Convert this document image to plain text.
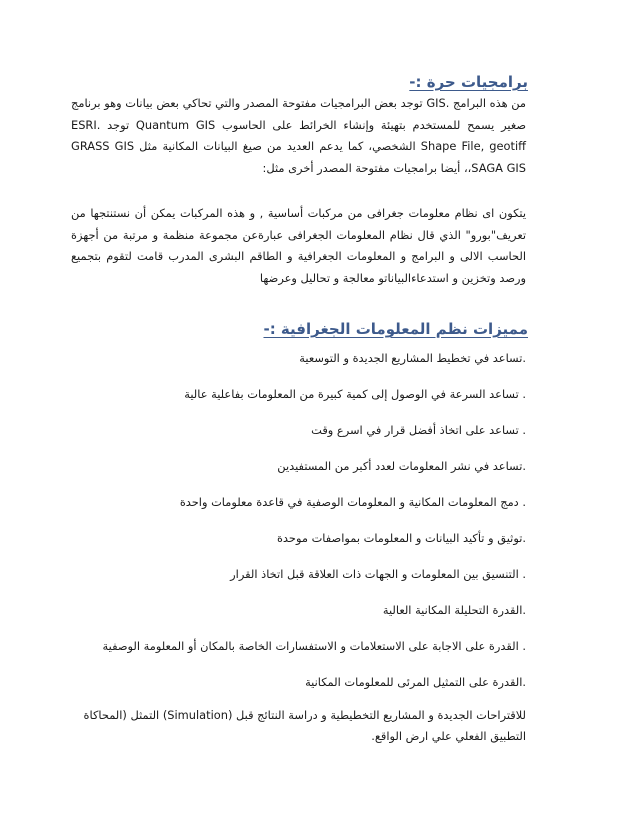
برامجيات حرة :-

من هذه البرامج .GIS توجد بعض البرامجيات مفتوحة المصدر والتي تحاكي بعض بيانات وهو برنامج صغير يسمح للمستخدم بتهيئة وإنشاء الخرائط على الحاسوب Quantum GIS توجد .ESRI Shape File, geotiff الشخصي، كما يدعم العديد من صيغ البيانات المكانية مثل GRASS GIS ،SAGA GIS، أيضا برامجيات مفتوحة المصدر أخرى مثل:

يتكون اى نظام معلومات جغرافى من مركبات أساسية , و هذه المركبات يمكن أن نستنتجها من تعريف"بورو" الذي قال نظام المعلومات الجغرافى عبارةعن مجموعة منظمة و مرتبة من أجهزة الحاسب الالى و البرامج و المعلومات الجغرافية و الطاقم البشرى المدرب قامت لتقوم بتجميع ورصد وتخزين و استدعاءالبياناتو معالجة و تحاليل وعرضها

مميزات نظم المعلومات الجغرافية :-

.تساعد في تخطيط المشاريع الجديدة و التوسعية

. تساعد السرعة في الوصول إلى كمية كبيرة من المعلومات بفاعلية عالية

. تساعد على اتخاذ أفضل قرار في اسرع وقت

.تساعد في نشر المعلومات لعدد أكبر من المستفيدين

. دمج المعلومات المكانية و المعلومات الوصفية في قاعدة معلومات واحدة

.توثيق و تأكيد البيانات و المعلومات بمواصفات موحدة

. التنسيق بين المعلومات و الجهات ذات العلاقة قبل اتخاذ القرار

.القدرة التحليلة المكانية العالية

. القدرة على الاجابة على الاستعلامات و الاستفسارات الخاصة بالمكان أو المعلومة الوصفية

.القدرة على التمثيل المرئى للمعلومات المكانية

للاقتراحات الجديدة و المشاريع التخطيطية و دراسة النتائج قبل (Simulation) التمثل (المحاكاة التطبيق الفعلي علي ارض الواقع.
